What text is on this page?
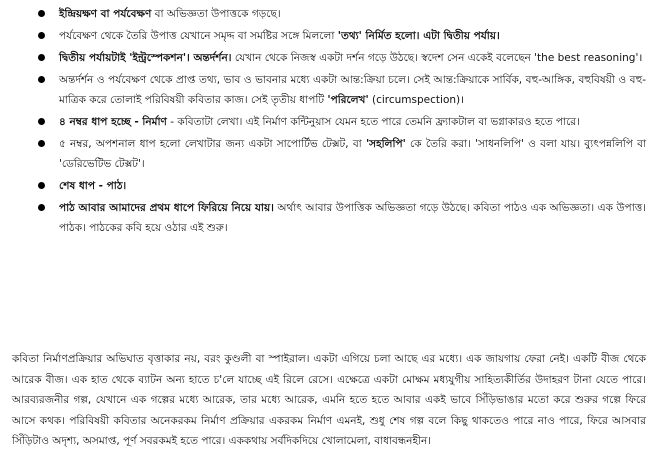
ইন্দ্রিয়ক্ষণ বা পর্যবেক্ষণ বা অভিজ্ঞতা উপাত্তকে গড়ছে।
পর্যবেক্ষণ থেকে তৈরি উপাত্ত যেখানে সমৃদ্দ বা সমষ্টির সঙ্গে মিললো 'তথ্য' নির্মিত হলো। এটা দ্বিতীয় পর্যায়।
দ্বিতীয় পর্যায়টাই 'ইন্ট্রস্পেকশন'। অন্তর্দর্শন। যেখান থেকে নিজস্ব একটা দর্শন গড়ে উঠছে। স্বদেশ সেন একেই বলেছেন 'the best reasoning'।
অন্তর্দর্শন ও পর্যবেক্ষণ থেকে প্রাপ্ত তথ্য, ভাব ও ভাবনার মধ্যে একটা আন্ত:ক্রিয়া চলে। সেই আন্ত:ক্রিয়াকে সার্বিক, বহু-আঙ্গিক, বহুবিষয়ী ও বহু-মাত্রিক করে তোলাই পরিবিষয়ী কবিতার কাজ। সেই তৃতীয় ধাপটি 'পরিলেখ' (circumspection)।
৪ নম্বর ধাপ হচ্ছে - নির্মাণ - কবিতাটা লেখা। এই নির্মাণ কন্টিনুয়াস যেমন হতে পারে তেমনি ফ্র্যাকটাল বা ভগ্নাকারও হতে পারে।
৫ নম্বর, অপশনাল ধাপ হলো লেখাটার জন্য একটা সাপোর্টিভ টেক্সট, বা 'সহলিপি' কে তৈরি করা। 'সাধনলিপি' ও বলা যায়। ব্যুৎপন্নলিপি বা 'ডেরিভেটিভ টেক্সট'।
শেষ ধাপ - পাঠ।
পাঠ আবার আমাদের প্রথম ধাপে ফিরিয়ে নিয়ে যায়। অর্থাৎ আবার উপাত্তিক অভিজ্ঞতা গড়ে উঠছে। কবিতা পাঠও এক অভিজ্ঞতা। এক উপাত্ত। পাঠক। পাঠকের কবি হয়ে ওঠার এই শুরু।

কবিতা নির্মাণপ্রক্রিয়ার অভিঘাত বৃত্তাকার নয়, বরং কুণ্ডলী বা স্পাইরাল। একটা এগিয়ে চলা আছে এর মধ্যে। এক জায়গায় ফেরা নেই। একটি বীজ থেকে আরেক বীজ। এক হাত থেকে ব্যাটন অন্য হাতে চ'লে যাচ্ছে এই রিলে রেসে। এক্ষেত্রে একটা মোক্ষম মধ্যযুগীয় সাহিত্যকীর্তির উদাহরণ টানা যেতে পারে। আরব্যরজনীর গল্প, যেখানে এক গল্পের মধ্যে আরেক, তার মধ্যে আরেক, এমনি হতে হতে আবার একই ভাবে সিঁড়িভাঙার মতো করে শুরুর গল্পে ফিরে আসে কথক। পরিবিষয়ী কবিতার অনেকরকম নির্মাণ প্রক্রিয়ার একরকম নির্মাণ এমনই, শুধু শেষ গল্প বলে কিছু থাকতেও পারে নাও পারে, ফিরে আসবার সিঁড়িটাও অদৃশ্য, অসমাপ্ত, পূর্ণ সবরকমই হতে পারে। এককথায় সর্বদিকদিয়ে খোলামেলা, বাধাবন্ধনহীন।
